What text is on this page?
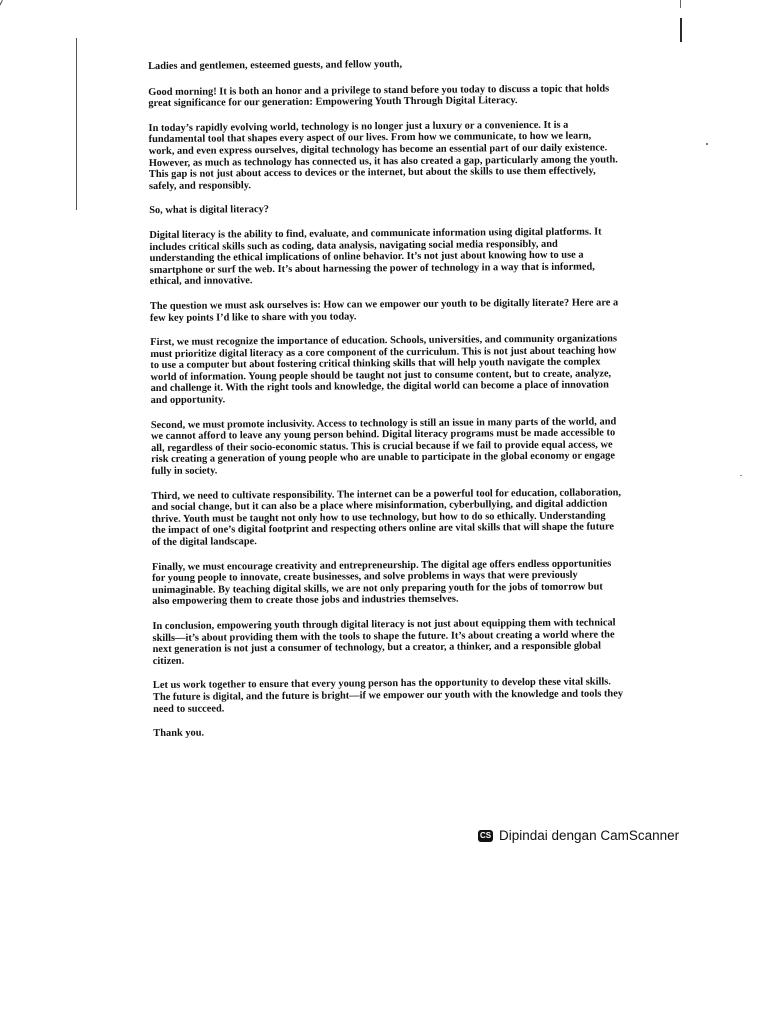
Ladies and gentlemen, esteemed guests, and fellow youth,

Good morning! It is both an honor and a privilege to stand before you today to discuss a topic that holds great significance for our generation: Empowering Youth Through Digital Literacy.

In today’s rapidly evolving world, technology is no longer just a luxury or a convenience. It is a fundamental tool that shapes every aspect of our lives. From how we communicate, to how we learn, work, and even express ourselves, digital technology has become an essential part of our daily existence. However, as much as technology has connected us, it has also created a gap, particularly among the youth. This gap is not just about access to devices or the internet, but about the skills to use them effectively, safely, and responsibly.

So, what is digital literacy?

Digital literacy is the ability to find, evaluate, and communicate information using digital platforms. It includes critical skills such as coding, data analysis, navigating social media responsibly, and understanding the ethical implications of online behavior. It’s not just about knowing how to use a smartphone or surf the web. It’s about harnessing the power of technology in a way that is informed, ethical, and innovative.

The question we must ask ourselves is: How can we empower our youth to be digitally literate? Here are a few key points I’d like to share with you today.

First, we must recognize the importance of education. Schools, universities, and community organizations must prioritize digital literacy as a core component of the curriculum. This is not just about teaching how to use a computer but about fostering critical thinking skills that will help youth navigate the complex world of information. Young people should be taught not just to consume content, but to create, analyze, and challenge it. With the right tools and knowledge, the digital world can become a place of innovation and opportunity.

Second, we must promote inclusivity. Access to technology is still an issue in many parts of the world, and we cannot afford to leave any young person behind. Digital literacy programs must be made accessible to all, regardless of their socio-economic status. This is crucial because if we fail to provide equal access, we risk creating a generation of young people who are unable to participate in the global economy or engage fully in society.

Third, we need to cultivate responsibility. The internet can be a powerful tool for education, collaboration, and social change, but it can also be a place where misinformation, cyberbullying, and digital addiction thrive. Youth must be taught not only how to use technology, but how to do so ethically. Understanding the impact of one’s digital footprint and respecting others online are vital skills that will shape the future of the digital landscape.

Finally, we must encourage creativity and entrepreneurship. The digital age offers endless opportunities for young people to innovate, create businesses, and solve problems in ways that were previously unimaginable. By teaching digital skills, we are not only preparing youth for the jobs of tomorrow but also empowering them to create those jobs and industries themselves.

In conclusion, empowering youth through digital literacy is not just about equipping them with technical skills—it’s about providing them with the tools to shape the future. It’s about creating a world where the next generation is not just a consumer of technology, but a creator, a thinker, and a responsible global citizen.

Let us work together to ensure that every young person has the opportunity to develop these vital skills. The future is digital, and the future is bright—if we empower our youth with the knowledge and tools they need to succeed.

Thank you.

CS Dipindai dengan CamScanner
